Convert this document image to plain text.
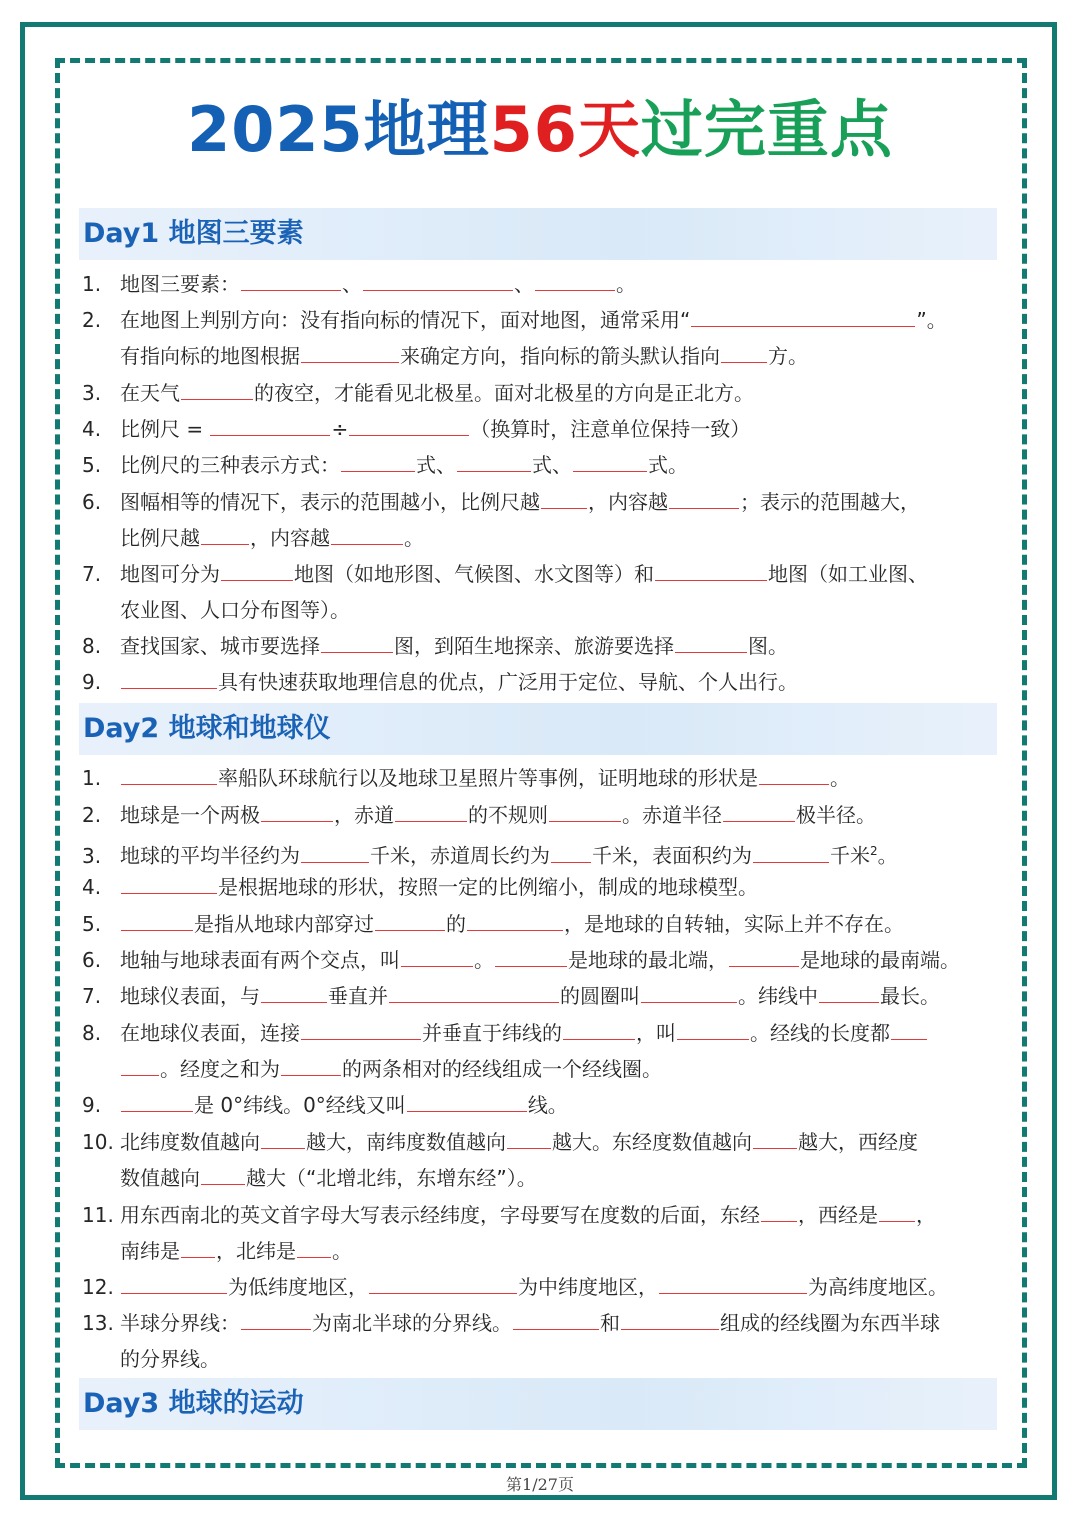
2025地理56天过完重点
Day1 地图三要素
1. 地图三要素：	、	、	。
2. 在地图上判别方向：没有指向标的情况下，面对地图，通常采用“	”。
有指向标的地图根据	来确定方向，指向标的箭头默认指向 方。
3. 在天气	的夜空，才能看见北极星。面对北极星的方向是正北方。
4. 比例尺 =	÷	（换算时，注意单位保持一致）
5. 比例尺的三种表示方式：	式、	式、	式。
6. 图幅相等的情况下，表示的范围越小，比例尺越 ，内容越	；表示的范围越大，
比例尺越	，内容越	。
7. 地图可分为	地图（如地形图、气候图、水文图等）和	地图（如工业图、
农业图、人口分布图等）。
8. 查找国家、城市要选择	图，到陌生地探亲、旅游要选择	图。
9.	具有快速获取地理信息的优点，广泛用于定位、导航、个人出行。
Day2 地球和地球仪
1.	率船队环球航行以及地球卫星照片等事例，证明地球的形状是	。
2. 地球是一个两极	，赤道	的不规则	。赤道半径	极半径。
3. 地球的平均半径约为	千米，赤道周长约为 千米，表面积约为	千米$^2$。
4.	是根据地球的形状，按照一定的比例缩小，制成的地球模型。
5.	是指从地球内部穿过	的	，是地球的自转轴，实际上并不存在。
6. 地轴与地球表面有两个交点，叫	。	是地球的最北端，	是地球的最南端。
7. 地球仪表面，与	垂直并	的圆圈叫	。纬线中	最长。
8. 在地球仪表面，连接	并垂直于纬线的	，叫	。经线的长度都
。经度之和为	的两条相对的经线组成一个经线圈。
9.	是 0°纬线。0°经线又叫	线。
10. 北纬度数值越向 越大，南纬度数值越向 越大。东经度数值越向 越大，西经度
数值越向 越大（“北增北纬，东增东经”）。
11. 用东西南北的英文首字母大写表示经纬度，字母要写在度数的后面，东经 ，西经是 ，
南纬是 ，北纬是 。
12.	为低纬度地区，	为中纬度地区，	为高纬度地区。
13. 半球分界线：	为南北半球的分界线。	和	组成的经线圈为东西半球
的分界线。
Day3 地球的运动
第1/27页
